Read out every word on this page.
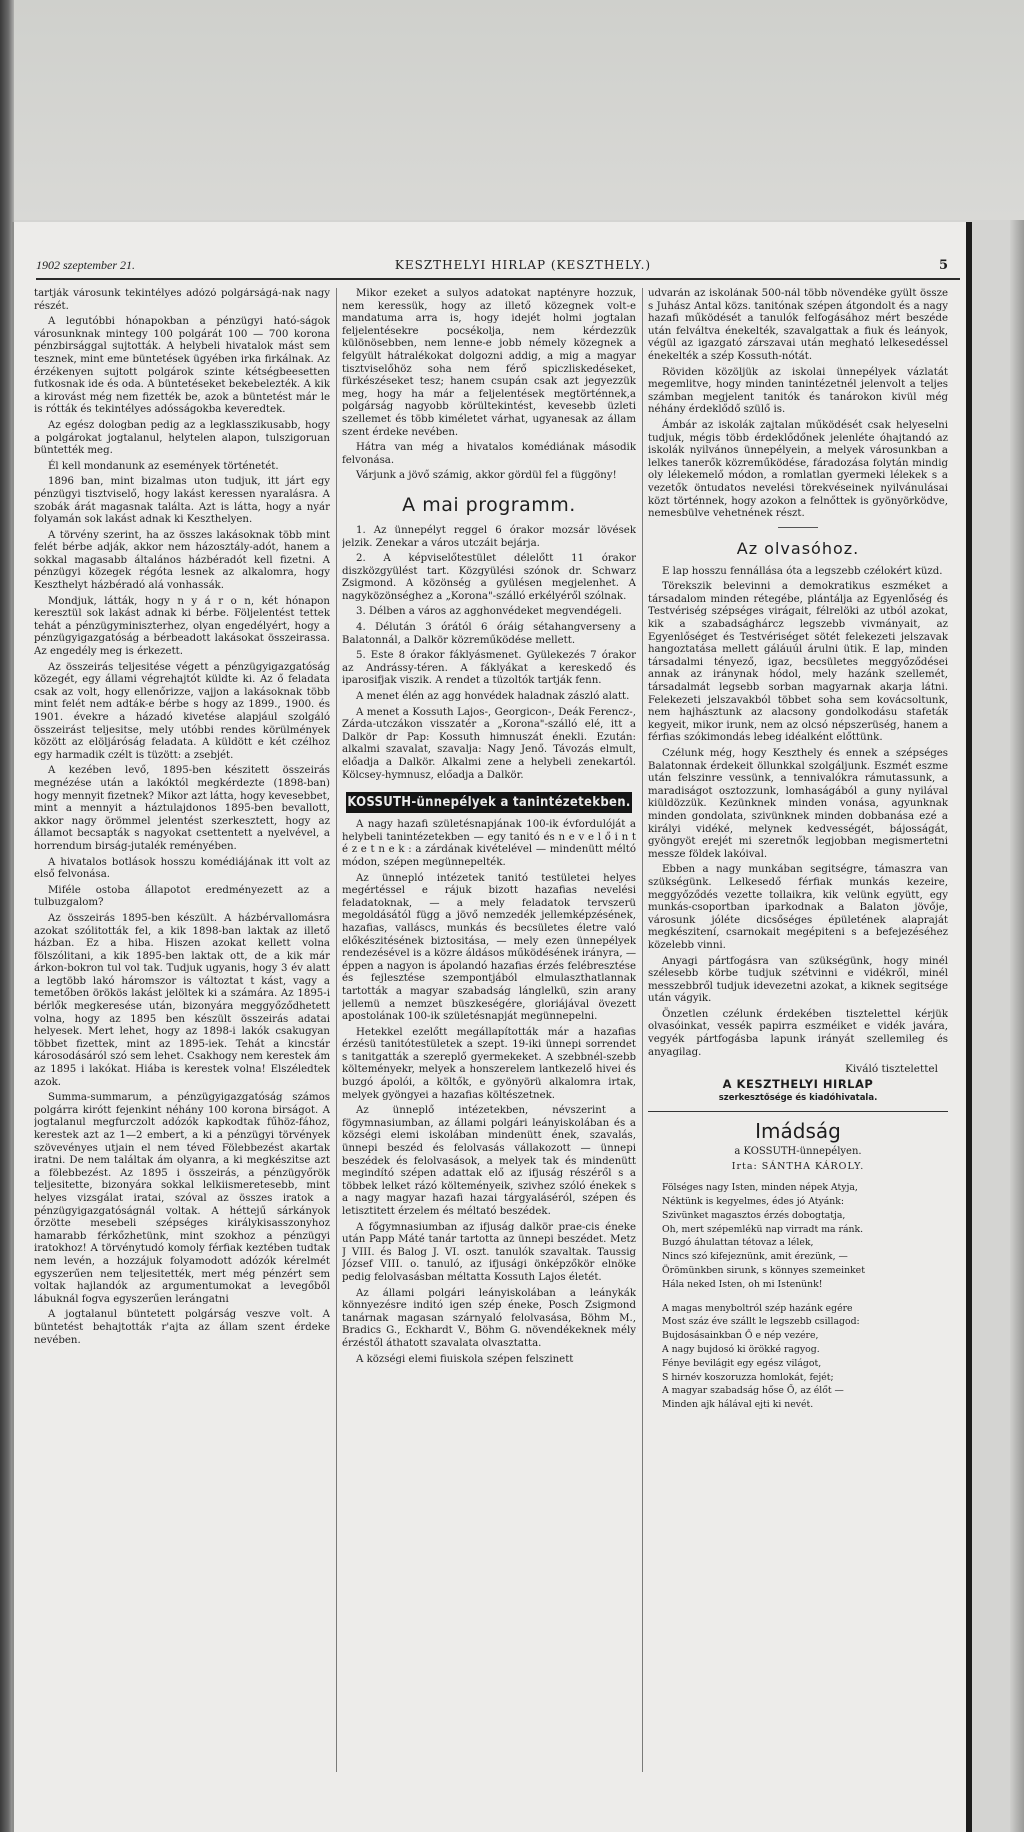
1902 szeptember 21.	KESZTHELYI HIRLAP (KESZTHELY.)	5

tartják városunk tekintélyes adózó polgárságá-nak nagy részét.

A legutóbbi hónapokban a pénzügyi ható-ságok városunknak mintegy 100 polgárát 100 — 700 korona pénzbirsággal sujtották. A helybeli hivatalok mást sem tesznek, mint eme büntetések ügyében irka firkálnak. Az érzékenyen sujtott polgárok szinte kétségbeesetten futkosnak ide és oda. A büntetéseket bekebelezték. A kik a kirovást még nem fizették be, azok a büntetést már le is rótták és tekintélyes adósságokba keveredtek.

Az egész dologban pedig az a legklasszikusabb, hogy a polgárokat jogtalanul, helytelen alapon, tulszigoruan büntették meg.

Él kell mondanunk az események történetét.

1896 ban, mint bizalmas uton tudjuk, itt járt egy pénzügyi tisztviselő, hogy lakást keressen nyaralásra. A szobák árát magasnak találta. Azt is látta, hogy a nyár folyamán sok lakást adnak ki Keszthelyen.

A törvény szerint, ha az összes lakásoknak több mint felét bérbe adják, akkor nem házosztály-adót, hanem a sokkal magasabb általános házbéradót kell fizetni. A pénzügyi közegek régóta lesnek az alkalomra, hogy Keszthelyt házbéradó alá vonhassák.

Mondjuk, látták, hogy n y á r o n, két hónapon keresztül sok lakást adnak ki bérbe. Följelentést tettek tehát a pénzügyminiszterhez, olyan engedélyért, hogy a pénzügyigazgatóság a bérbeadott lakásokat összeirassa. Az engedély meg is érkezett.

Az összeirás teljesitése végett a pénzügyigazgatóság közegét, egy állami végrehajtót küldte ki. Az ő feladata csak az volt, hogy ellenőrizze, vajjon a lakásoknak több mint felét nem adták-e bérbe s hogy az 1899., 1900. és 1901. évekre a házadó kivetése alapjául szolgáló összeirást teljesitse, mely utóbbi rendes körülmények között az elöljáróság feladata. A küldött e két czélhoz egy harmadik czélt is tüzött: a zsebjét.

A kezében levő, 1895-ben készitett összeirás megnézése után a lakóktól megkérdezte (1898-ban) hogy mennyit fizetnek? Mikor azt látta, hogy kevesebbet, mint a mennyit a háztulajdonos 1895-ben bevallott, akkor nagy örömmel jelentést szerkesztett, hogy az államot becsapták s nagyokat csettentett a nyelvével, a horrendum birság-jutalék reményében.

A hivatalos botlások hosszu komédiájának itt volt az első felvonása.

Miféle ostoba állapotot eredményezett az a tulbuzgalom?

Az összeirás 1895-ben készült. A házbérvallomásra azokat szólitották fel, a kik 1898-ban laktak az illető házban. Ez a hiba. Hiszen azokat kellett volna fölszólitani, a kik 1895-ben laktak ott, de a kik már árkon-bokron tul vol tak. Tudjuk ugyanis, hogy 3 év alatt a legtöbb lakó háromszor is változtat t kást, vagy a temetőben örökös lakást jelöltek ki a számára. Az 1895-i bérlők megkeresése után, bizonyára meggyőződhetett volna, hogy az 1895 ben készült összeirás adatai helyesek. Mert lehet, hogy az 1898-i lakók csakugyan többet fizettek, mint az 1895-iek. Tehát a kincstár károsodásáról szó sem lehet. Csakhogy nem kerestek ám az 1895 i lakókat. Hiába is kerestek volna! Elszéledtek azok.

Summa-summarum, a pénzügyigazgatóság számos polgárra kirótt fejenkint néhány 100 korona birságot. A jogtalanul megfurczolt adózók kapkodtak fűhöz-fához, kerestek azt az 1—2 embert, a ki a pénzügyi törvények szövevényes utjain el nem téved Fölebbezést akartak iratni. De nem találtak ám olyanra, a ki megkészitse azt a fölebbezést. Az 1895 i összeirás, a pénzügyőrök teljesitette, bizonyára sokkal lelkiismeretesebb, mint helyes vizsgálat iratai, szóval az összes iratok a pénzügyigazgatóságnál voltak. A héttejű sárkányok őrzötte mesebeli szépséges királykisasszonyhoz hamarabb férkőzhetünk, mint szokhoz a pénzügyi iratokhoz! A törvénytudó komoly férfiak keztében tudtak nem levén, a hozzájuk folyamodott adózók kérelmét egyszerűen nem teljesitették, mert még pénzért sem voltak hajlandók az argumentumokat a levegőből lábuknál fogva egyszerűen lerángatni

A jogtalanul büntetett polgárság veszve volt. A büntetést behajtották r'ajta az állam szent érdeke nevében.

Mikor ezeket a sulyos adatokat naptényre hozzuk, nem keressük, hogy az illető közegnek volt-e mandatuma arra is, hogy idejét holmi jogtalan feljelentésekre pocsékolja, nem kérdezzük különösebben, nem lenne-e jobb némely közegnek a felgyült hátralékokat dolgozni addig, a mig a magyar tisztviselőhöz soha nem férő spiczliskedéseket, fürkészéseket tesz; hanem csupán csak azt jegyezzük meg, hogy ha már a feljelentések megtörténnek,a polgárság nagyobb körültekintést, kevesebb üzleti szellemet és több kiméletet várhat, ugyanesak az állam szent érdeke nevében.

Hátra van még a hivatalos komédiának második felvonása.

Várjunk a jövő számig, akkor gördül fel a függöny!

A mai programm.

1. Az ünnepélyt reggel 6 órakor mozsár lövések jelzik. Zenekar a város utczáit bejárja.

2. A képviselőtestület délelőtt 11 órakor diszközgyülést tart. Közgyülési szónok dr. Schwarz Zsigmond. A közönség a gyülésen megjelenhet. A nagyközönséghez a „Korona"-szálló erkélyéről szólnak.

3. Délben a város az agghonvédeket megvendégeli.

4. Délután 3 órától 6 óráig sétahangverseny a Balatonnál, a Dalkör közreműködése mellett.

5. Este 8 órakor fáklyásmenet. Gyülekezés 7 órakor az Andrássy-téren. A fáklyákat a kereskedő és iparosifjak viszik. A rendet a tüzoltók tartják fenn.

A menet élén az agg honvédek haladnak zászló alatt.

A menet a Kossuth Lajos-, Georgicon-, Deák Ferencz-, Zárda-utczákon visszatér a „Korona"-szálló elé, itt a Dalkör dr Pap: Kossuth himnuszát énekli. Ezután: alkalmi szavalat, szavalja: Nagy Jenő. Távozás elmult, előadja a Dalkör. Alkalmi zene a helybeli zenekartól. Kölcsey-hymnusz, előadja a Dalkör.

KOSSUTH-ünnepélyek a tanintézetekben.

A nagy hazafi születésnapjának 100-ik évfordulóját a helybeli tanintézetekben — egy tanitó és n e v e l ő i n t é z e t n e k : a zárdának kivételével — mindenütt méltó módon, szépen megünnepelték.

Az ünnepló intézetek tanitó testületei helyes megértéssel e rájuk bizott hazafias nevelési feladatoknak, — a mely feladatok tervszerü megoldásától függ a jövő nemzedék jellemképzésének, hazafias, valláscs, munkás és becsületes életre való előkészitésének biztositása, — mely ezen ünnepélyek rendezésével is a közre áldásos működésének irányra, — éppen a nagyon is ápolandó hazafias érzés felébresztése és fejlesztése szempontjából elmulaszthatlannak tartották a magyar szabadság lánglelkü, szin arany jellemü a nemzet büszkeségére, gloriájával övezett apostolának 100-ik születésnapját megünnepelni.

Hetekkel ezelőtt megállapították már a hazafias érzésü tanitótestületek a szept. 19-iki ünnepi sorrendet s tanitgatták a szereplő gyermekeket. A szebbnél-szebb költeményekr, melyek a honszerelem lantkezelő hivei és buzgó ápolói, a költők, e gyönyörü alkalomra irtak, melyek gyöngyei a hazafias költészetnek.

Az ünneplő intézetekben, névszerint a fögymnasiumban, az állami polgári leányiskolában és a községi elemi iskolában mindenütt ének, szavalás, ünnepi beszéd és felolvasás vállakozott — ünnepi beszédek és felolvasások, a melyek tak és mindenütt megindító szépen adattak elő az ifjuság részéről s a többek lelket rázó költeményeik, szivhez szóló énekek s a nagy magyar hazafi hazai tárgyaláséról, szépen és letisztitett érzelem és méltató beszédek.

A főgymnasiumban az ifjuság dalkör prae-cis éneke után Papp Máté tanár tartotta az ünnepi beszédet. Metz J VIII. és Balog J. VI. oszt. tanulók szavaltak. Taussig József VIII. o. tanuló, az ifjusági önképzőkör elnöke pedig felolvasásban méltatta Kossuth Lajos életét.

Az állami polgári leányiskolában a leánykák könnyezésre inditó igen szép éneke, Posch Zsigmond tanárnak magasan szárnyaló felolvasása, Böhm M., Bradics G., Eckhardt V., Böhm G. növendékeknek mély érzéstől áthatott szavalata olvasztatta.

A községi elemi fiuiskola szépen felszinett

udvarán az iskolának 500-nál több növendéke gyült össze s Juhász Antal közs. tanitónak szépen átgondolt és a nagy hazafi működését a tanulók felfogásához mért beszéde után felváltva énekelték, szavalgattak a fiuk és leányok, végül az igazgató zárszavai után megható lelkesedéssel énekelték a szép Kossuth-nótát.

Röviden közöljük az iskolai ünnepélyek vázlatát megemlitve, hogy minden tanintézetnél jelenvolt a teljes számban megjelent tanitók és tanárokon kivül még néhány érdeklődő szülő is.

Ámbár az iskolák zajtalan működését csak helyeselni tudjuk, mégis több érdeklődőnek jelenléte óhajtandó az iskolák nyilvános ünnepélyein, a melyek városunkban a lelkes tanerők közreműködése, fáradozása folytán mindig oly lélekemelő módon, a romlatlan gyermeki lélekek s a vezetők öntudatos nevelési törekvéseinek nyilvánulásai közt történnek, hogy azokon a felnőttek is gyönyörködve, nemesbülve vehetnének részt.

Az olvasóhoz.

E lap hosszu fennállása óta a legszebb czélokért küzd.

Törekszik belevinni a demokratikus eszméket a társadalom minden rétegébe, plántálja az Egyenlőség és Testvériség szépséges virágait, félrelöki az utból azokat, kik a szabadsághárcz legszebb vivmányait, az Egyenlőséget és Testvériséget sötét felekezeti jelszavak hangoztatása mellett gáláuúl árulni ütik. E lap, minden társadalmi tényező, igaz, becsületes meggyőződései annak az iránynak hódol, mely hazánk szellemét, társadalmát legsebb sorban magyarnak akarja látni. Felekezeti jelszavakból többet soha sem kovácsoltunk, nem hajhásztunk az alacsony gondolkodásu stafeták kegyeit, mikor irunk, nem az olcsó népszerüség, hanem a férfias szókimondás lebeg idéalként előttünk.

Czélunk még, hogy Keszthely és ennek a szépséges Balatonnak érdekeit öllunkkal szolgáljunk. Eszmét eszme után felszinre vessünk, a tennivalókra rámutassunk, a maradiságot osztozzunk, lomhaságából a guny nyilával kiüldözzük. Kezünknek minden vonása, agyunknak minden gondolata, szivünknek minden dobbanása ezé a királyi vidéké, melynek kedvességét, bájosságát, gyöngyöt erejét mi szeretnők legjobban megismertetni messze földek lakóival.

Ebben a nagy munkában segitségre, támaszra van szükségünk. Lelkesedő férfiak munkás kezeire, meggyőződés vezette tollaikra, kik velünk együtt, egy munkás-csoportban iparkodnak a Balaton jövője, városunk jóléte dicsőséges épületének alapraját megkészitení, csarnokait megépiteni s a befejezéséhez közelebb vinni.

Anyagi pártfogásra van szükségünk, hogy minél szélesebb körbe tudjuk szétvinni e vidékről, minél messzebbről tudjuk idevezetni azokat, a kiknek segitsége után vágyik.

Önzetlen czélunk érdekében tisztelettel kérjük olvasóinkat, vessék papirra eszméiket e vidék javára, vegyék pártfogásba lapunk irányát szellemileg és anyagilag.

Kiváló tisztelettel
A KESZTHELYI HIRLAP
szerkesztősége és kiadóhivatala.
Imádság
a KOSSUTH-ünnepélyen.
Irta: SÁNTHA KÁROLY.
Fölséges nagy Isten, minden népek Atyja,
Néktünk is kegyelmes, édes jó Atyánk:
Szivünket magasztos érzés dobogtatja,
Oh, mert szépemlékü nap virradt ma ránk.
Buzgó áhulattan tétovaz a lélek,
Nincs szó kifejeznünk, amit érezünk, —
Örömünkben sirunk, s könnyes szemeinket
Hála neked Isten, oh mi Istenünk!
A magas menyboltról szép hazánk egére
Most száz éve szállt le legszebb csillagod:
Bujdosásainkban Ő e nép vezére,
A nagy bujdosó ki örökké ragyog.
Fénye bevilágit egy egész világot,
S hirnév koszoruzza homlokát, fejét;
A magyar szabadság hőse Ő, az élőt —
Minden ajk hálával ejti ki nevét.
